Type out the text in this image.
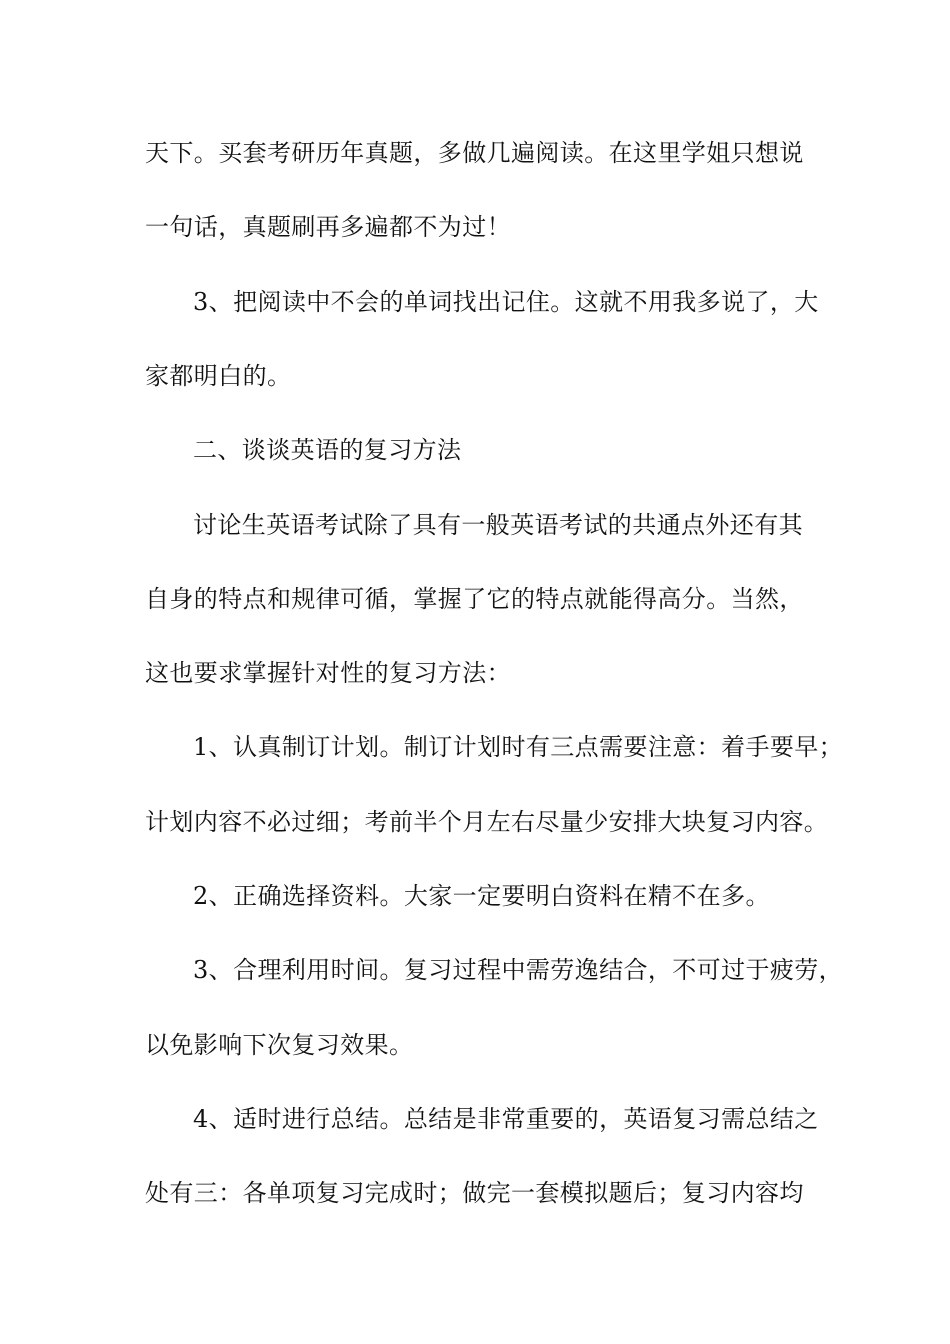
天下。买套考研历年真题，多做几遍阅读。在这里学姐只想说
一句话，真题刷再多遍都不为过！
3、把阅读中不会的单词找出记住。这就不用我多说了，大
家都明白的。
二、谈谈英语的复习方法
讨论生英语考试除了具有一般英语考试的共通点外还有其
自身的特点和规律可循，掌握了它的特点就能得高分。当然，
这也要求掌握针对性的复习方法：
1、认真制订计划。制订计划时有三点需要注意：着手要早；
计划内容不必过细；考前半个月左右尽量少安排大块复习内容。
2、正确选择资料。大家一定要明白资料在精不在多。
3、合理利用时间。复习过程中需劳逸结合，不可过于疲劳，
以免影响下次复习效果。
4、适时进行总结。总结是非常重要的，英语复习需总结之
处有三：各单项复习完成时；做完一套模拟题后；复习内容均
